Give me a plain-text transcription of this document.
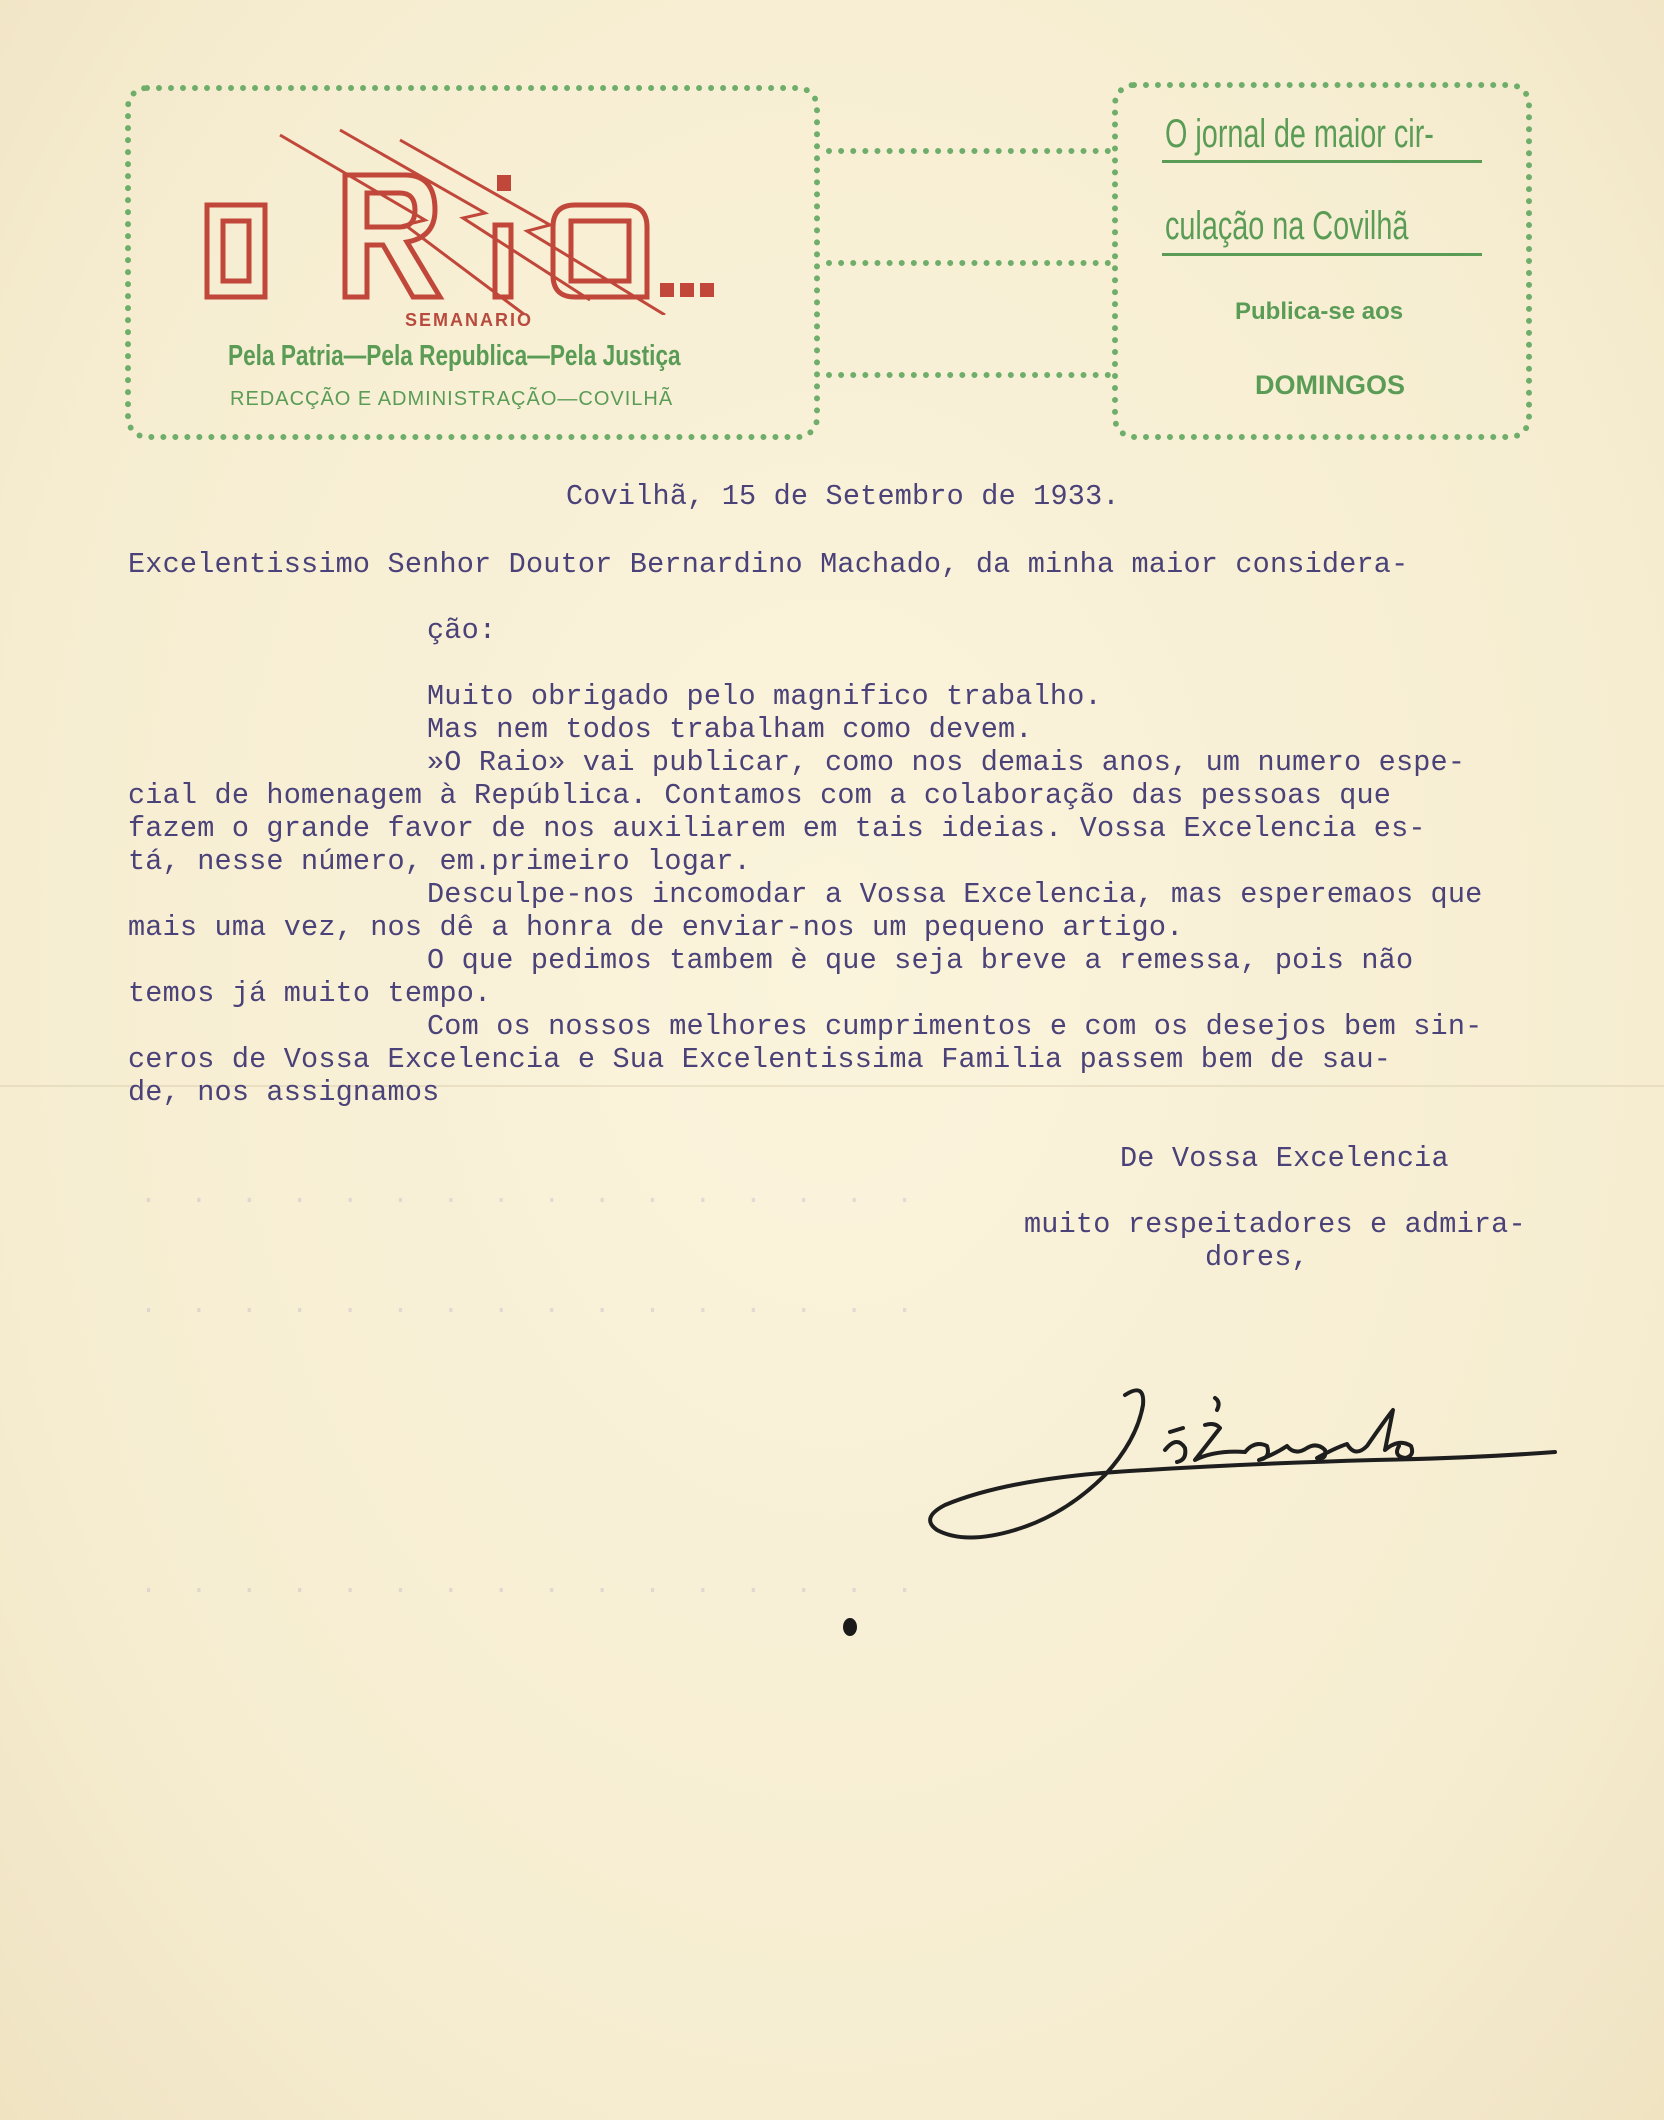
SEMANARIO
Pela Patria—Pela Republica—Pela Justiça
REDACÇÃO E ADMINISTRAÇÃO—COVILHÃ
O jornal de maior cir-
culação na Covilhã
Publica-se aos
DOMINGOS
.  .  .  .  .  .  .  .  .  .  .  .  .  .  .  .
.  .  .  .  .  .  .  .  .  .  .  .  .  .  .  .
.  .  .  .  .  .  .  .  .  .  .  .  .  .  .  .
Covilhã, 15 de Setembro de 1933.
Excelentissimo Senhor Doutor Bernardino Machado, da minha maior considera-
ção:
Muito obrigado pelo magnifico trabalho.
Mas nem todos trabalham como devem.
»O Raio» vai publicar, como nos demais anos, um numero espe-
cial de homenagem à República. Contamos com a colaboração das pessoas que
fazem o grande favor de nos auxiliarem em tais ideias. Vossa Excelencia es-
tá, nesse número, em.primeiro logar.
Desculpe-nos incomodar a Vossa Excelencia, mas esperemaos que
mais uma vez, nos dê a honra de enviar-nos um pequeno artigo.
O que pedimos tambem è que seja breve a remessa, pois não
temos já muito tempo.
Com os nossos melhores cumprimentos e com os desejos bem sin-
ceros de Vossa Excelencia e Sua Excelentissima Familia passem bem de sau-
de, nos assignamos
De Vossa Excelencia
muito respeitadores e admira-
dores,
